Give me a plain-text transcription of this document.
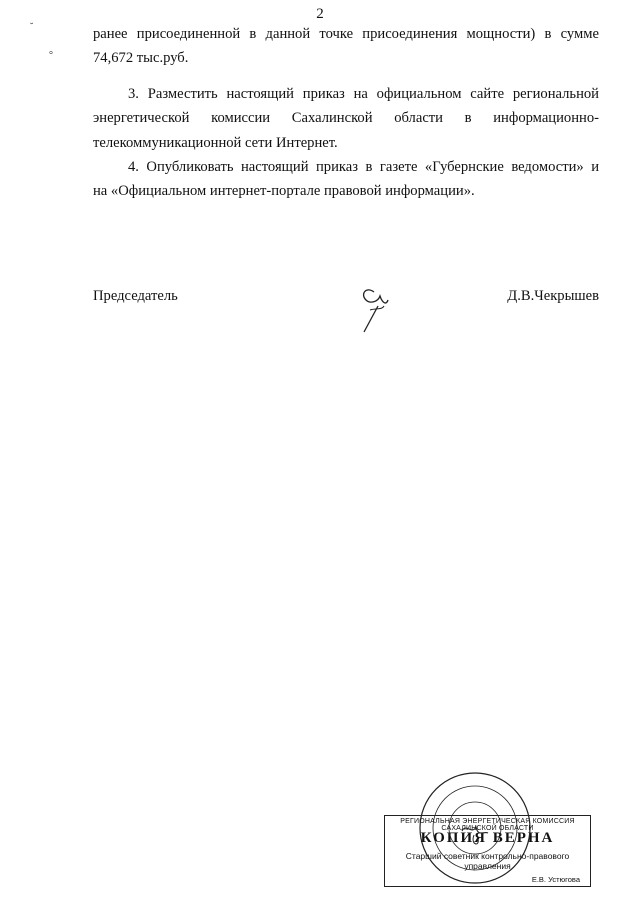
˘
°
2
ранее присоединенной в данной точке присоединения мощности) в сумме
74,672 тыс.руб.
3. Разместить настоящий приказ на официальном сайте региональной
энергетической комиссии Сахалинской области в информационно-
телекоммуникационной сети Интернет.
4. Опубликовать настоящий приказ в газете «Губернские ведомости» и
на «Официальном интернет-портале правовой информации».
Председатель	Д.В.Чекрышев
РЕГИОНАЛЬНАЯ ЭНЕРГЕТИЧЕСКАЯ КОМИССИЯ САХАЛИНСКОЙ ОБЛАСТИ
КОПИЯ ВЕРНА
Старший советник контрольно-правового управления
Е.В. Устюгова
